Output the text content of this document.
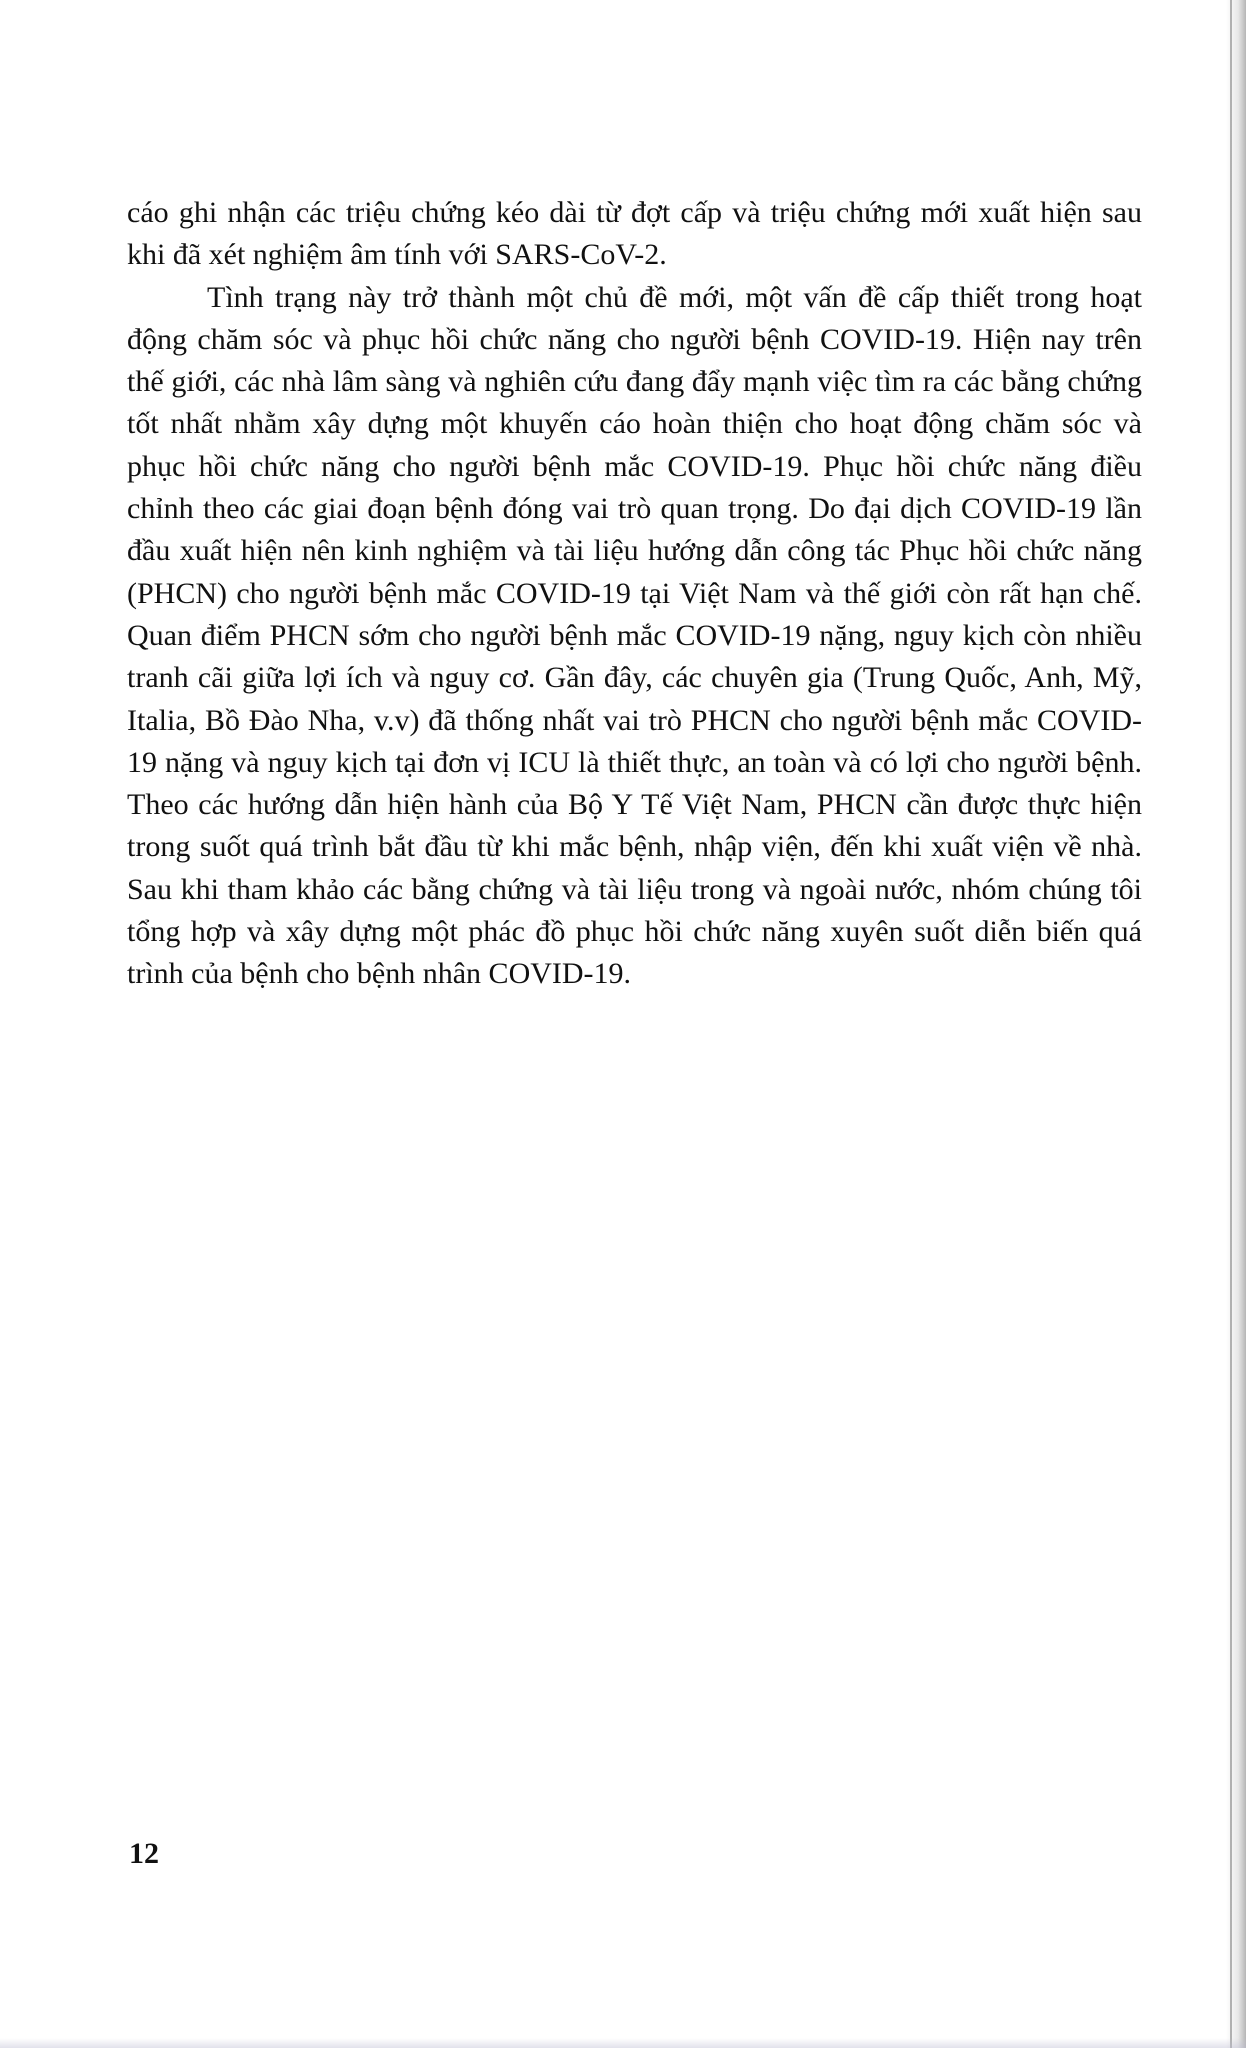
cáo ghi nhận các triệu chứng kéo dài từ đợt cấp và triệu chứng mới xuất hiện sau khi đã xét nghiệm âm tính với SARS-CoV-2.

Tình trạng này trở thành một chủ đề mới, một vấn đề cấp thiết trong hoạt động chăm sóc và phục hồi chức năng cho người bệnh COVID-19. Hiện nay trên thế giới, các nhà lâm sàng và nghiên cứu đang đẩy mạnh việc tìm ra các bằng chứng tốt nhất nhằm xây dựng một khuyến cáo hoàn thiện cho hoạt động chăm sóc và phục hồi chức năng cho người bệnh mắc COVID-19. Phục hồi chức năng điều chỉnh theo các giai đoạn bệnh đóng vai trò quan trọng. Do đại dịch COVID-19 lần đầu xuất hiện nên kinh nghiệm và tài liệu hướng dẫn công tác Phục hồi chức năng (PHCN) cho người bệnh mắc COVID-19 tại Việt Nam và thế giới còn rất hạn chế. Quan điểm PHCN sớm cho người bệnh mắc COVID-19 nặng, nguy kịch còn nhiều tranh cãi giữa lợi ích và nguy cơ. Gần đây, các chuyên gia (Trung Quốc, Anh, Mỹ, Italia, Bồ Đào Nha, v.v) đã thống nhất vai trò PHCN cho người bệnh mắc COVID-19 nặng và nguy kịch tại đơn vị ICU là thiết thực, an toàn và có lợi cho người bệnh. Theo các hướng dẫn hiện hành của Bộ Y Tế Việt Nam, PHCN cần được thực hiện trong suốt quá trình bắt đầu từ khi mắc bệnh, nhập viện, đến khi xuất viện về nhà. Sau khi tham khảo các bằng chứng và tài liệu trong và ngoài nước, nhóm chúng tôi tổng hợp và xây dựng một phác đồ phục hồi chức năng xuyên suốt diễn biến quá trình của bệnh cho bệnh nhân COVID-19.

12
